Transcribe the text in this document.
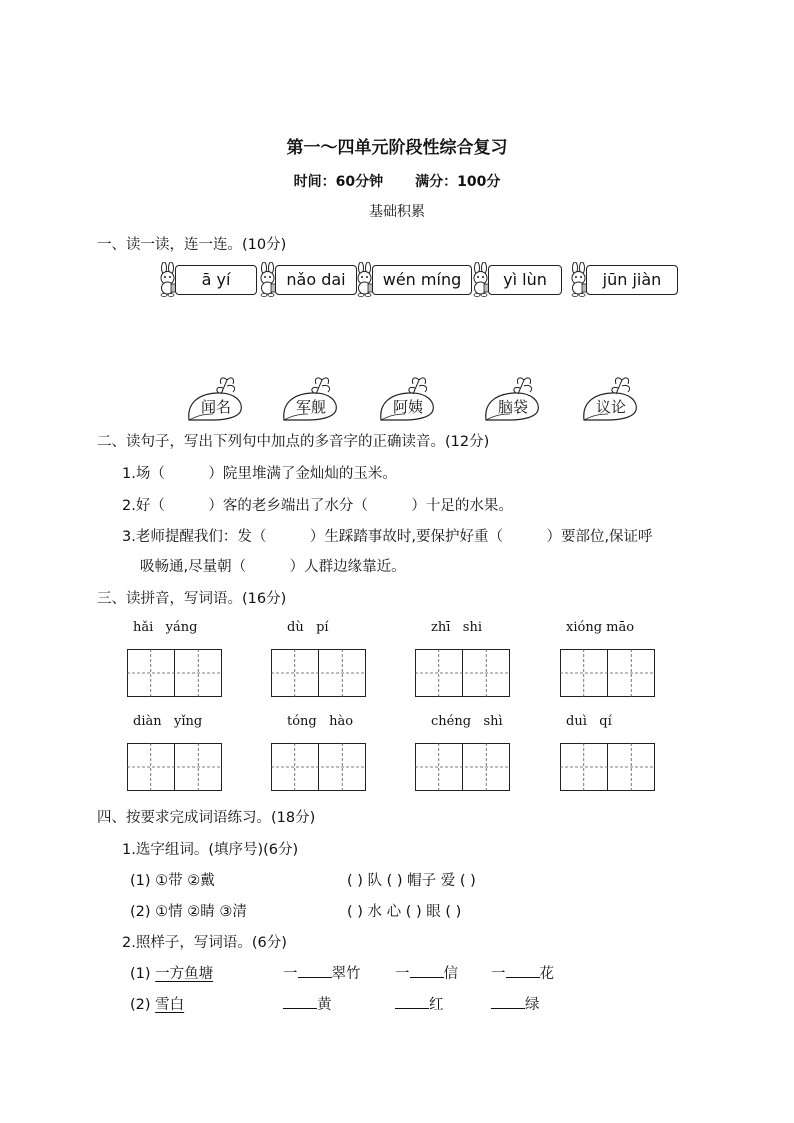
第一～四单元阶段性综合复习
时间：60分钟 满分：100分
基础积累
一、读一读，连一连。(10分)
ā yí	nǎo dai	wén míng	yì lùn	jūn jiàn
闻名	军舰	阿姨	脑袋	议论
二、读句子，写出下列句中加点的多音字的正确读音。(12分)
1.场（　　　）院里堆满了金灿灿的玉米。
2.好（　　　）客的老乡端出了水分（　　　）十足的水果。
3.老师提醒我们：发（　　　）生踩踏事故时,要保护好重（　　　）要部位,保证呼
吸畅通,尽量朝（　　　）人群边缘靠近。
三、读拼音，写词语。(16分)
hǎi   yáng	dù   pí	zhī   shi	xióng māo
diàn   yǐng	tóng   hào	chéng   shì	duì   qí
四、按要求完成词语练习。(18分)
1.选字组词。(填序号)(6分)
(1) ①带 ②戴	( ) 队 ( ) 帽子 爱 ( )
(2) ①情 ②睛 ③清	( ) 水 心 ( ) 眼 ( )
2.照样子，写词语。(6分)
(1) 一方鱼塘	一 翠竹 一 信 一 花
(2) 雪白	黄	红	绿
